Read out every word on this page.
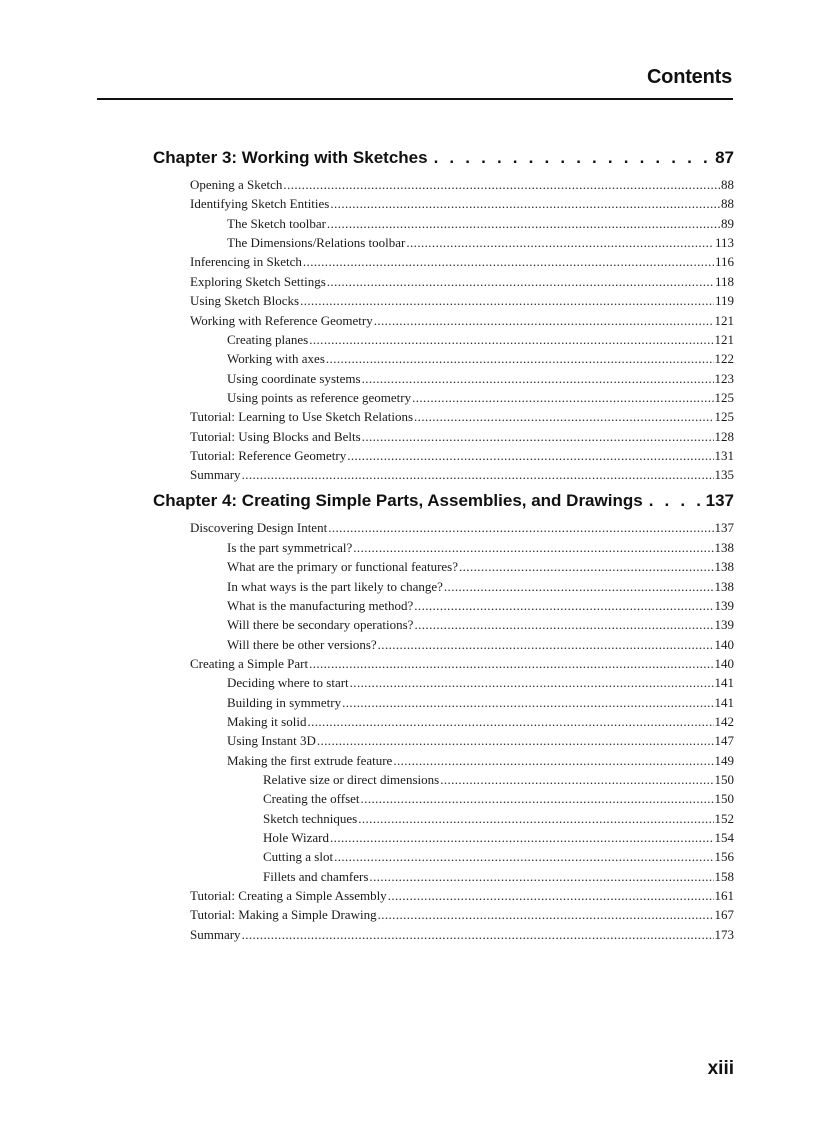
Contents
Chapter 3: Working with Sketches . . .	87
Opening a Sketch .....	88
Identifying Sketch Entities .....	88
The Sketch toolbar .....	89
The Dimensions/Relations toolbar .....	113
Inferencing in Sketch .....	116
Exploring Sketch Settings .....	118
Using Sketch Blocks .....	119
Working with Reference Geometry .....	121
Creating planes .....	121
Working with axes .....	122
Using coordinate systems .....	123
Using points as reference geometry .....	125
Tutorial: Learning to Use Sketch Relations .....	125
Tutorial: Using Blocks and Belts .....	128
Tutorial: Reference Geometry .....	131
Summary .....	135
Chapter 4: Creating Simple Parts, Assemblies, and Drawings . . .	137
Discovering Design Intent .....	137
Is the part symmetrical? .....	138
What are the primary or functional features? .....	138
In what ways is the part likely to change? .....	138
What is the manufacturing method? .....	139
Will there be secondary operations? .....	139
Will there be other versions? .....	140
Creating a Simple Part .....	140
Deciding where to start .....	141
Building in symmetry .....	141
Making it solid .....	142
Using Instant 3D .....	147
Making the first extrude feature .....	149
Relative size or direct dimensions .....	150
Creating the offset .....	150
Sketch techniques .....	152
Hole Wizard .....	154
Cutting a slot .....	156
Fillets and chamfers .....	158
Tutorial: Creating a Simple Assembly .....	161
Tutorial: Making a Simple Drawing .....	167
Summary .....	173
xiii
